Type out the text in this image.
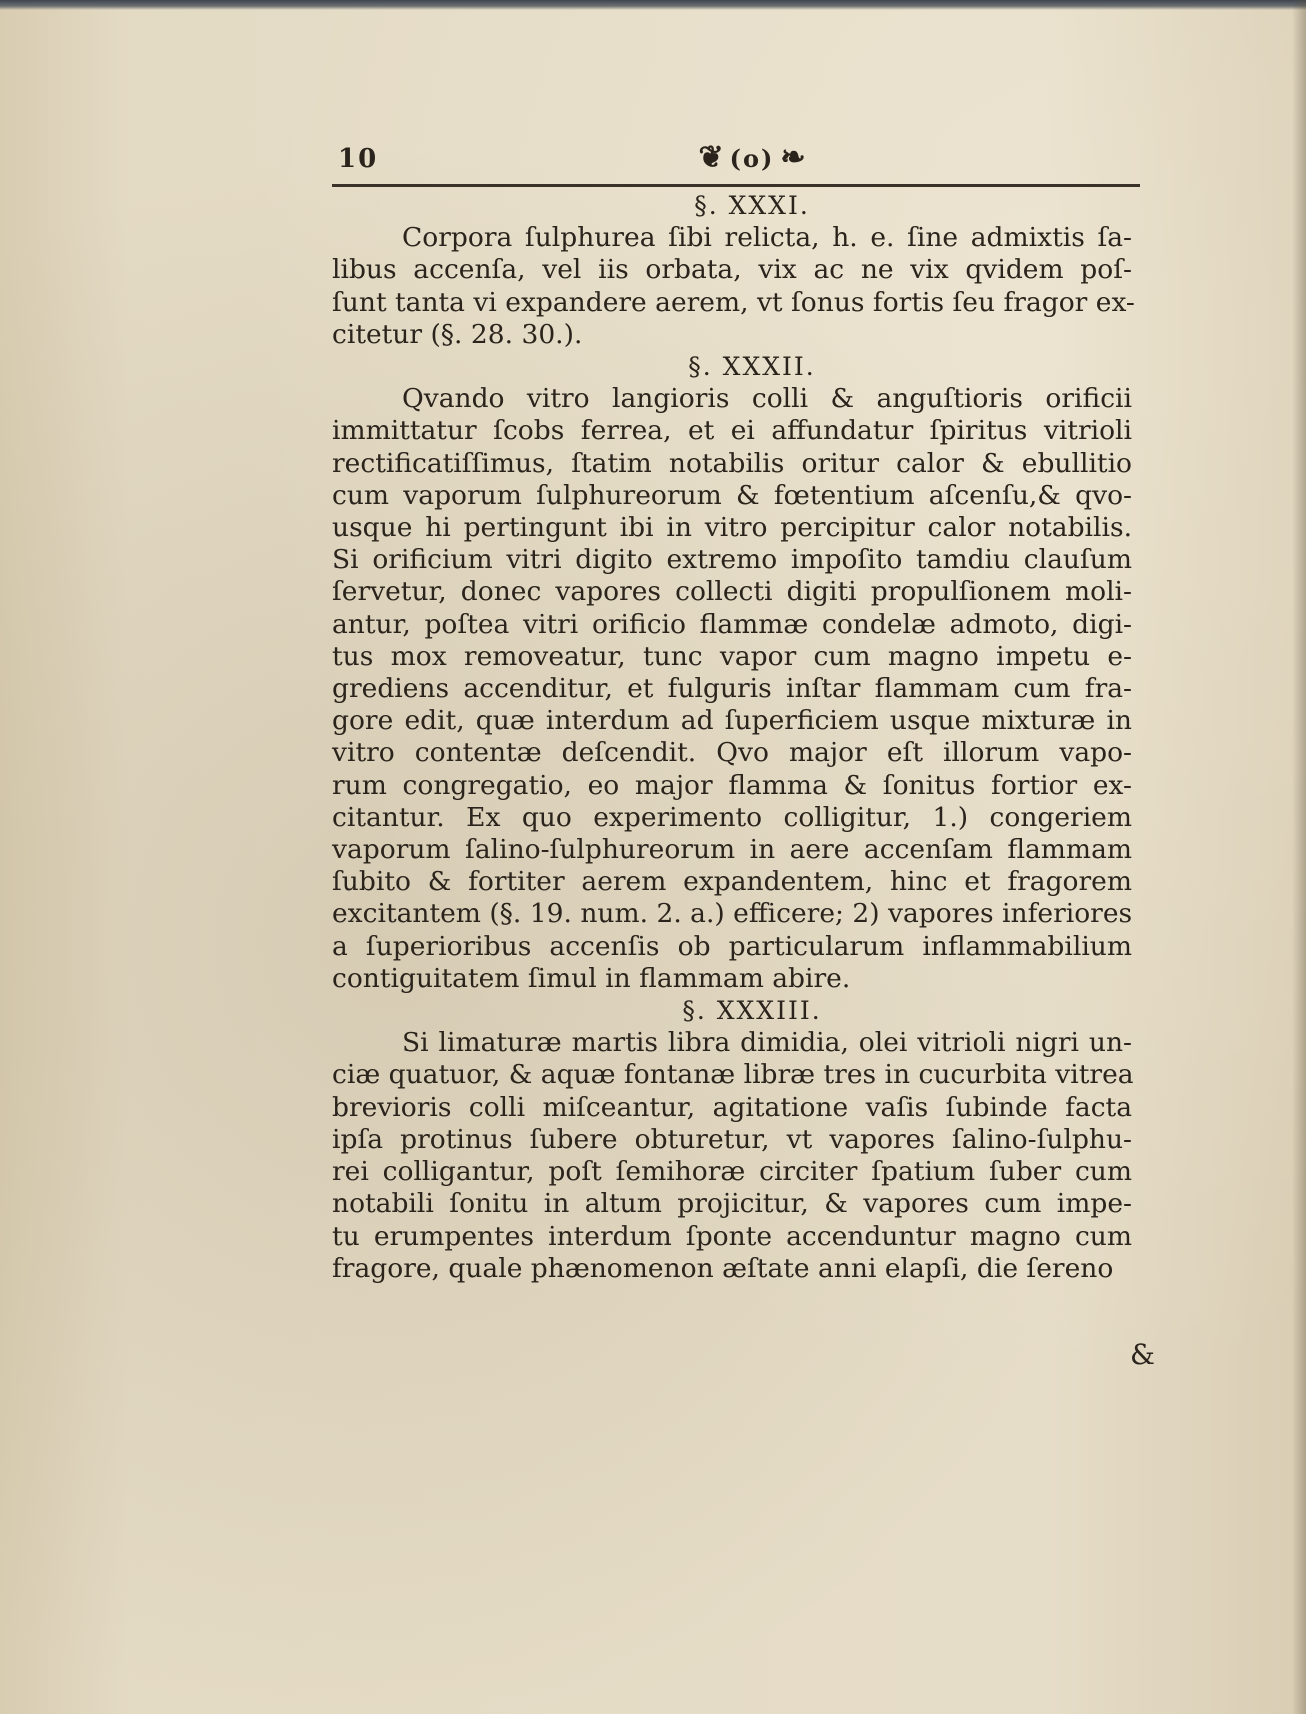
10	❦ (o) ❧
§. XXXI.
Corpora ſulphurea ſibi relicta, h. e. ſine admixtis ſa-
libus accenſa, vel iis orbata, vix ac ne vix qvidem poſ-
ſunt tanta vi expandere aerem, vt ſonus fortis ſeu fragor ex-
citetur (§. 28. 30.).
§. XXXII.
Qvando vitro langioris colli & anguſtioris orificii
immittatur ſcobs ferrea, et ei affundatur ſpiritus vitrioli
rectificatiſſimus, ſtatim notabilis oritur calor & ebullitio
cum vaporum ſulphureorum & fœtentium aſcenſu,& qvo-
usque hi pertingunt ibi in vitro percipitur calor notabilis.
Si orificium vitri digito extremo impoſito tamdiu clauſum
ſervetur, donec vapores collecti digiti propulſionem moli-
antur, poſtea vitri orificio flammæ condelæ admoto, digi-
tus mox removeatur, tunc vapor cum magno impetu e-
grediens accenditur, et fulguris inſtar flammam cum fra-
gore edit, quæ interdum ad ſuperficiem usque mixturæ in
vitro contentæ deſcendit. Qvo major eſt illorum vapo-
rum congregatio, eo major flamma & ſonitus fortior ex-
citantur. Ex quo experimento colligitur, 1.) congeriem
vaporum ſalino-ſulphureorum in aere accenſam flammam
ſubito & fortiter aerem expandentem, hinc et fragorem
excitantem (§. 19. num. 2. a.) efficere; 2) vapores inferiores
a ſuperioribus accenſis ob particularum inflammabilium
contiguitatem ſimul in flammam abire.
§. XXXIII.
Si limaturæ martis libra dimidia, olei vitrioli nigri un-
ciæ quatuor, & aquæ fontanæ libræ tres in cucurbita vitrea
brevioris colli miſceantur, agitatione vaſis ſubinde facta
ipſa protinus ſubere obturetur, vt vapores ſalino-ſulphu-
rei colligantur, poſt ſemihoræ circiter ſpatium ſuber cum
notabili ſonitu in altum projicitur, & vapores cum impe-
tu erumpentes interdum ſponte accenduntur magno cum
fragore, quale phænomenon æſtate anni elapſi, die ſereno
&
